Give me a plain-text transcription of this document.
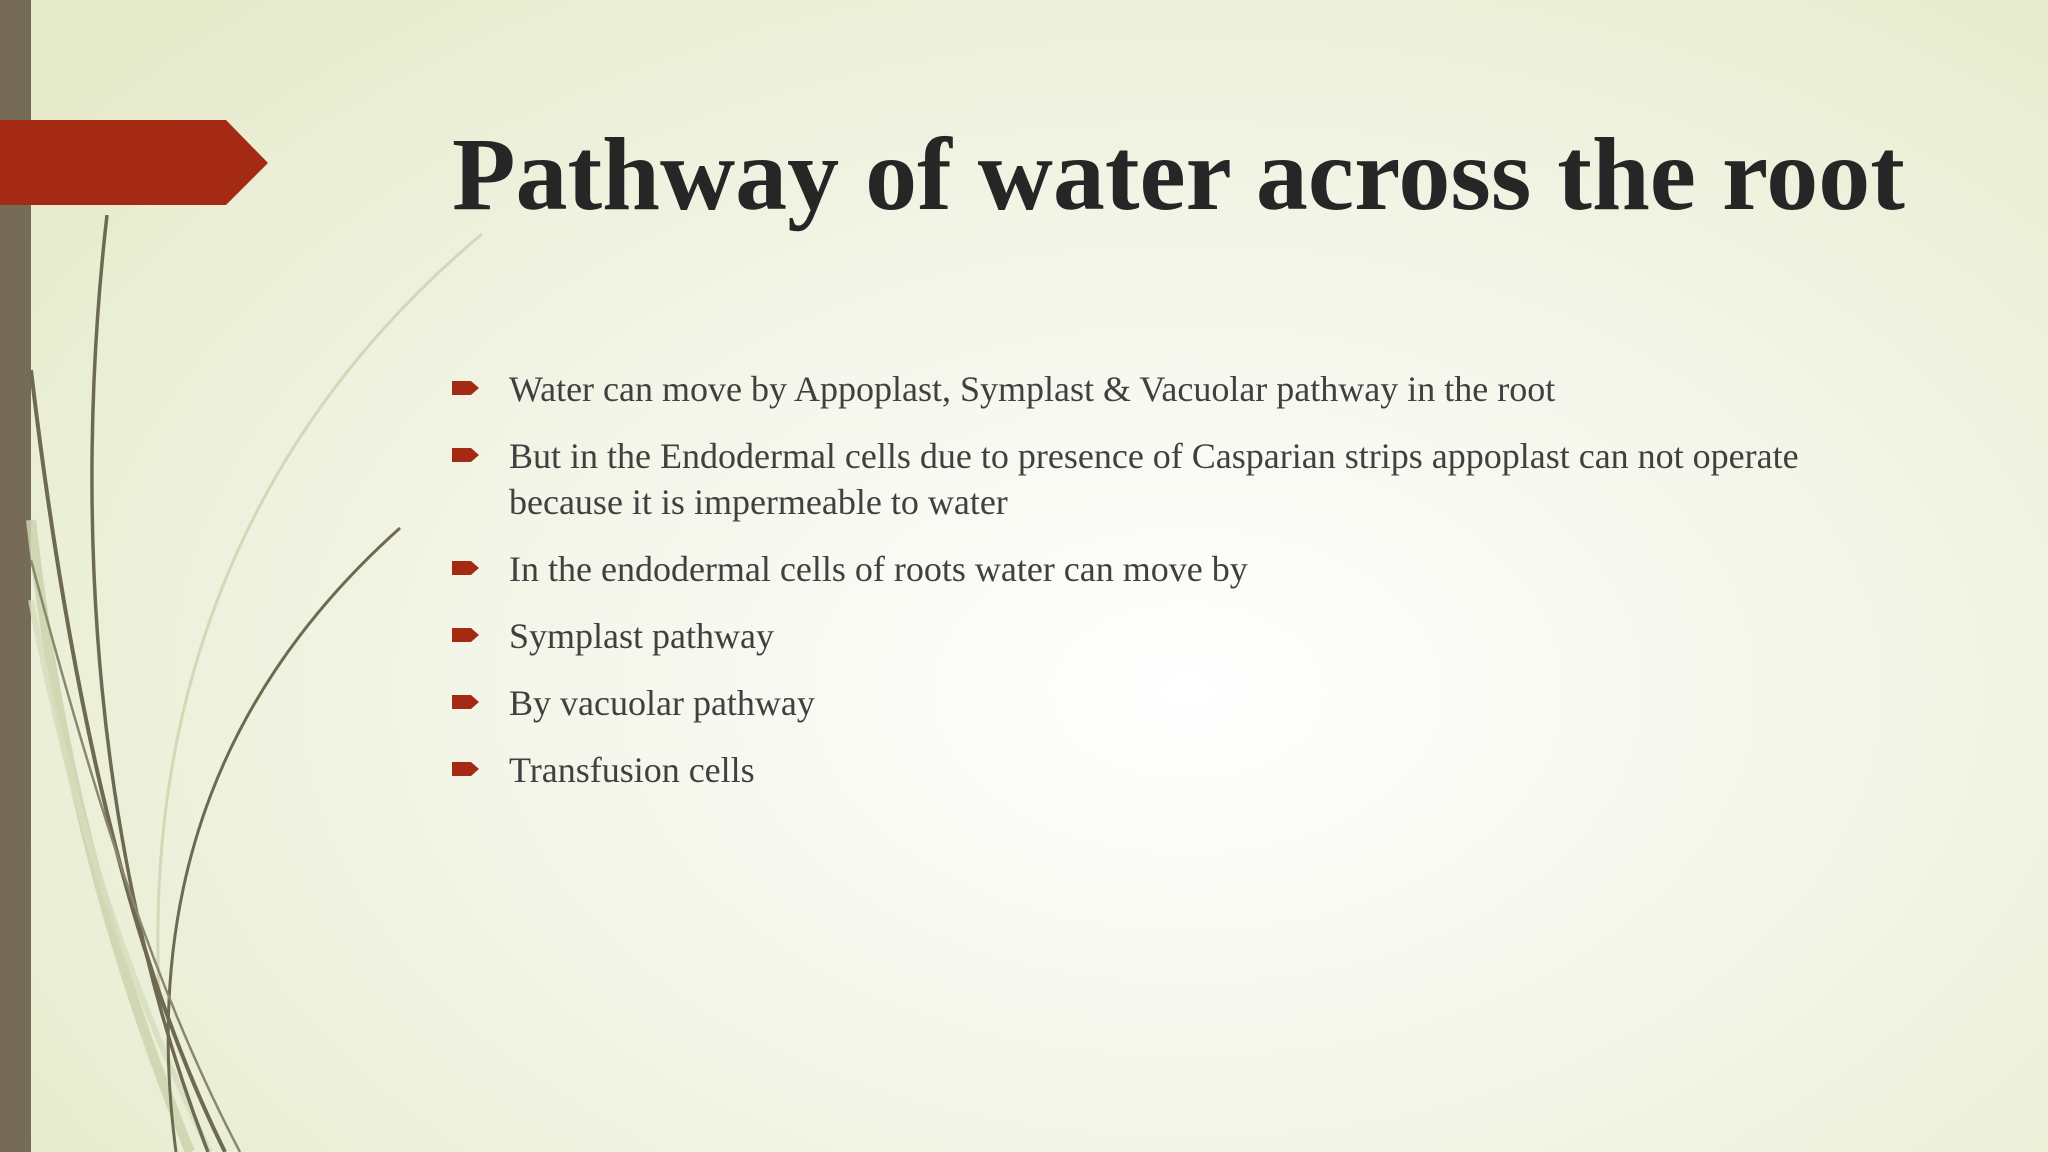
Pathway of water across the root
Water can move by Appoplast, Symplast & Vacuolar pathway in the root
But in the Endodermal cells due to presence of Casparian strips appoplast can not operate because it is impermeable to water
In the endodermal cells of roots water can move by
Symplast pathway
By vacuolar pathway
Transfusion cells
